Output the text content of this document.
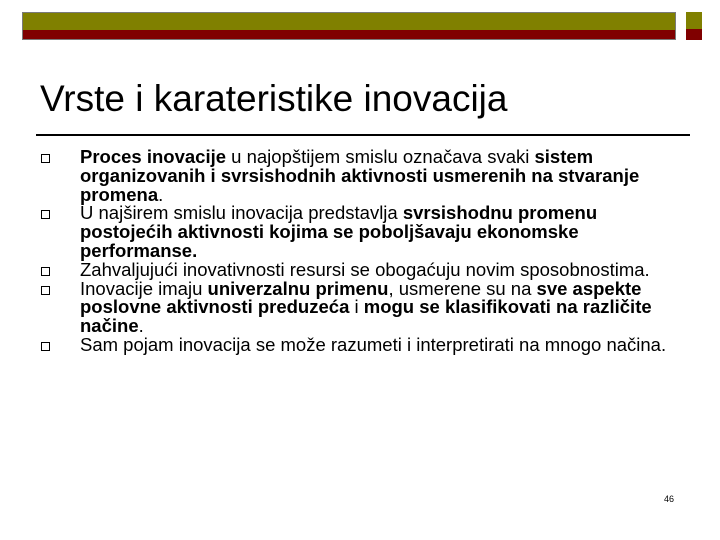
Vrste i karateristike inovacija
Proces inovacije u najopštijem smislu označava svaki sistem organizovanih i svrsishodnih aktivnosti usmerenih na stvaranje promena.
U najširem smislu inovacija predstavlja svrsishodnu promenu postojećih aktivnosti kojima se poboljšavaju ekonomske performanse.
Zahvaljujući inovativnosti resursi se obogaćuju novim sposobnostima.
Inovacije imaju univerzalnu primenu, usmerene su na sve aspekte poslovne aktivnosti preduzeća i mogu se klasifikovati na različite načine.
Sam pojam inovacija se može razumeti i interpretirati na mnogo načina.
46
